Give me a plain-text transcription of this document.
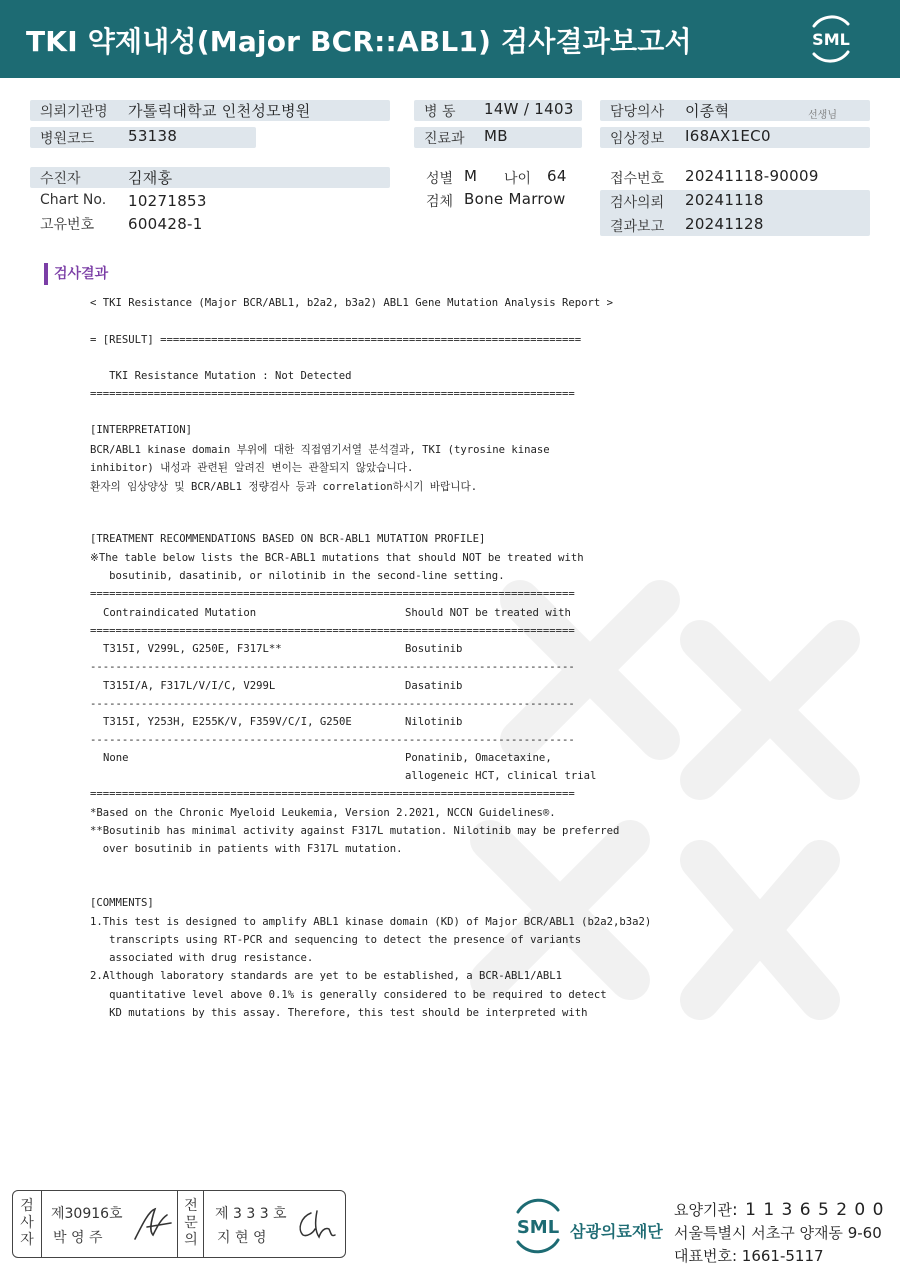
TKI 약제내성(Major BCR::ABL1) 검사결과보고서	SML
의뢰기관명 가톨릭대학교 인천성모병원
병원코드 53138
병 동 14W / 1403
진료과 MB
담당의사 이종혁	선생님
임상정보 I68AX1EC0
수진자	김재홍
Chart No. 10271853
고유번호 600428-1
성별 M 나이 64
검체 Bone Marrow
접수번호 20241118-90009
검사의뢰 20241118
결과보고 20241128
검사결과
< TKI Resistance (Major BCR/ABL1, b2a2, b3a2) ABL1 Gene Mutation Analysis Report >
= [RESULT] ==================================================================
TKI Resistance Mutation : Not Detected
============================================================================
[INTERPRETATION]
BCR/ABL1 kinase domain 부위에 대한 직접염기서열 분석결과, TKI (tyrosine kinase
inhibitor) 내성과 관련된 알려진 변이는 관찰되지 않았습니다.
환자의 임상양상 및 BCR/ABL1 정량검사 등과 correlation하시기 바랍니다.
[TREATMENT RECOMMENDATIONS BASED ON BCR-ABL1 MUTATION PROFILE]
※The table below lists the BCR-ABL1 mutations that should NOT be treated with
bosutinib, dasatinib, or nilotinib in the second-line setting.
============================================================================
Contraindicated Mutation	Should NOT be treated with
============================================================================
T315I, V299L, G250E, F317L**	Bosutinib
----------------------------------------------------------------------------
T315I/A, F317L/V/I/C, V299L	Dasatinib
----------------------------------------------------------------------------
T315I, Y253H, E255K/V, F359V/C/I, G250E	Nilotinib
----------------------------------------------------------------------------
None	Ponatinib, Omacetaxine,
allogeneic HCT, clinical trial
============================================================================
*Based on the Chronic Myeloid Leukemia, Version 2.2021, NCCN Guidelines®.
**Bosutinib has minimal activity against F317L mutation. Nilotinib may be preferred
over bosutinib in patients with F317L mutation.
[COMMENTS]
1.This test is designed to amplify ABL1 kinase domain (KD) of Major BCR/ABL1 (b2a2,b3a2)
transcripts using RT-PCR and sequencing to detect the presence of variants
associated with drug resistance.
2.Although laboratory standards are yet to be established, a BCR-ABL1/ABL1
quantitative level above 0.1% is generally considered to be required to detect
KD mutations by this assay. Therefore, this test should be interpreted with
검
사
자
제30916호
박 영 주
전
문
의
제 3 3 3 호
지 현 영	SML 삼광의료재단
요양기관: 1 1 3 6 5 2 0 0
서울특별시 서초구 양재동 9-60
대표번호: 1661-5117
